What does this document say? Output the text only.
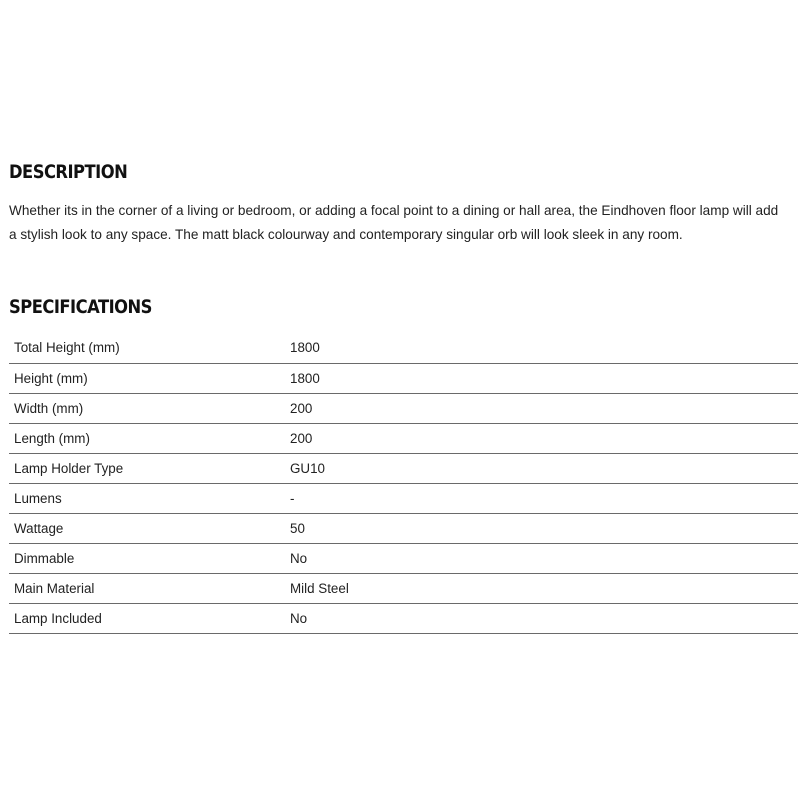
DESCRIPTION

Whether its in the corner of a living or bedroom, or adding a focal point to a dining or hall area, the Eindhoven floor lamp will add
a stylish look to any space. The matt black colourway and contemporary singular orb will look sleek in any room.

SPECIFICATIONS
Total Height (mm)	1800
Height (mm)	1800
Width (mm)	200
Length (mm)	200
Lamp Holder Type	GU10
Lumens	-
Wattage	50
Dimmable	No
Main Material	Mild Steel
Lamp Included	No
